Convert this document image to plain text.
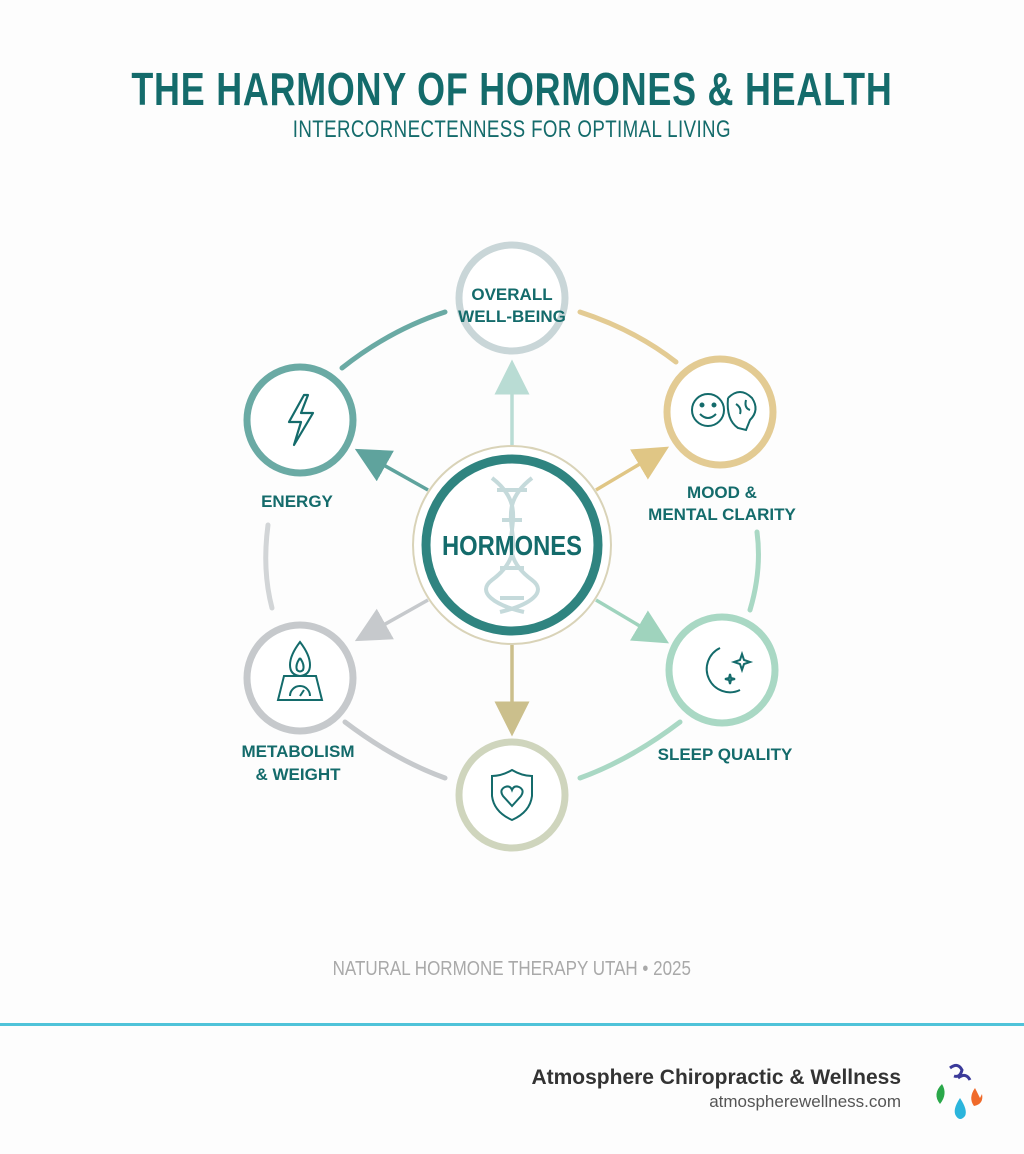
THE HARMONY OF HORMONES & HEALTH
INTERCORNECTENNESS FOR OPTIMAL LIVING
HORMONES
OVERALL
WELL-BEING
ENERGY	MOOD &
MENTAL CLARITY
METABOLISM
& WEIGHT
SLEEP QUALITY
NATURAL HORMONE THERAPY UTAH • 2025
Atmosphere Chiropractic & Wellness
atmospherewellness.com
